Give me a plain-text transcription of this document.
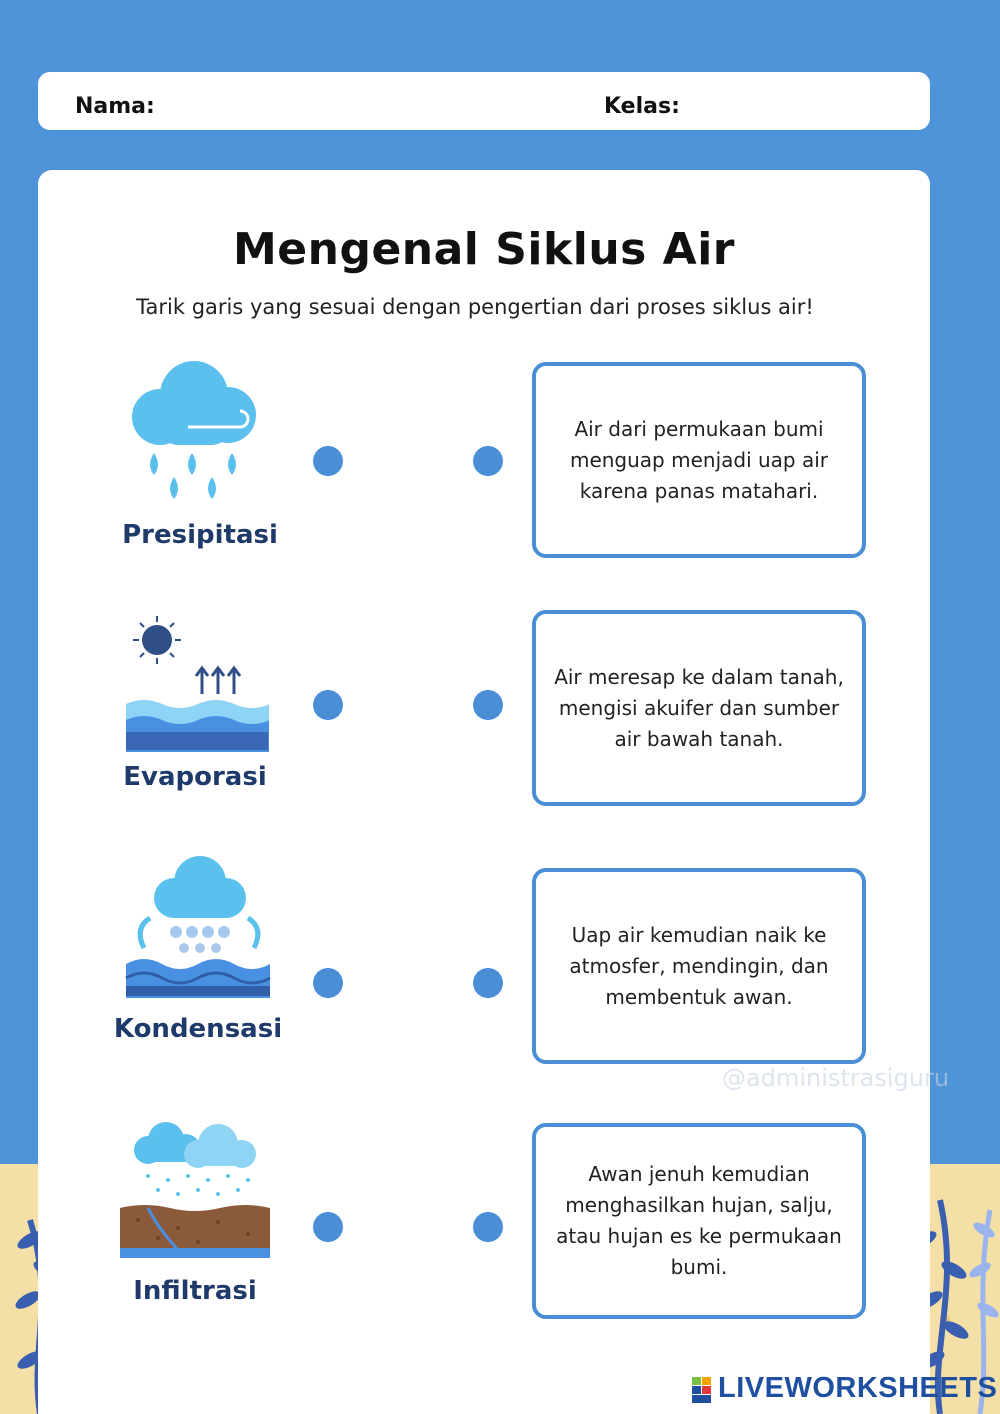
Nama:	Kelas:
Mengenal Siklus Air
Tarik garis yang sesuai dengan pengertian dari proses siklus air!
Presipitasi
Air dari permukaan bumi menguap menjadi uap air karena panas matahari.
Evaporasi
Air meresap ke dalam tanah, mengisi akuifer dan sumber air bawah tanah.
Kondensasi
Uap air kemudian naik ke atmosfer, mendingin, dan membentuk awan.
Infiltrasi
Awan jenuh kemudian menghasilkan hujan, salju, atau hujan es ke permukaan bumi.
@administrasiguru
LIVEWORKSHEETS
